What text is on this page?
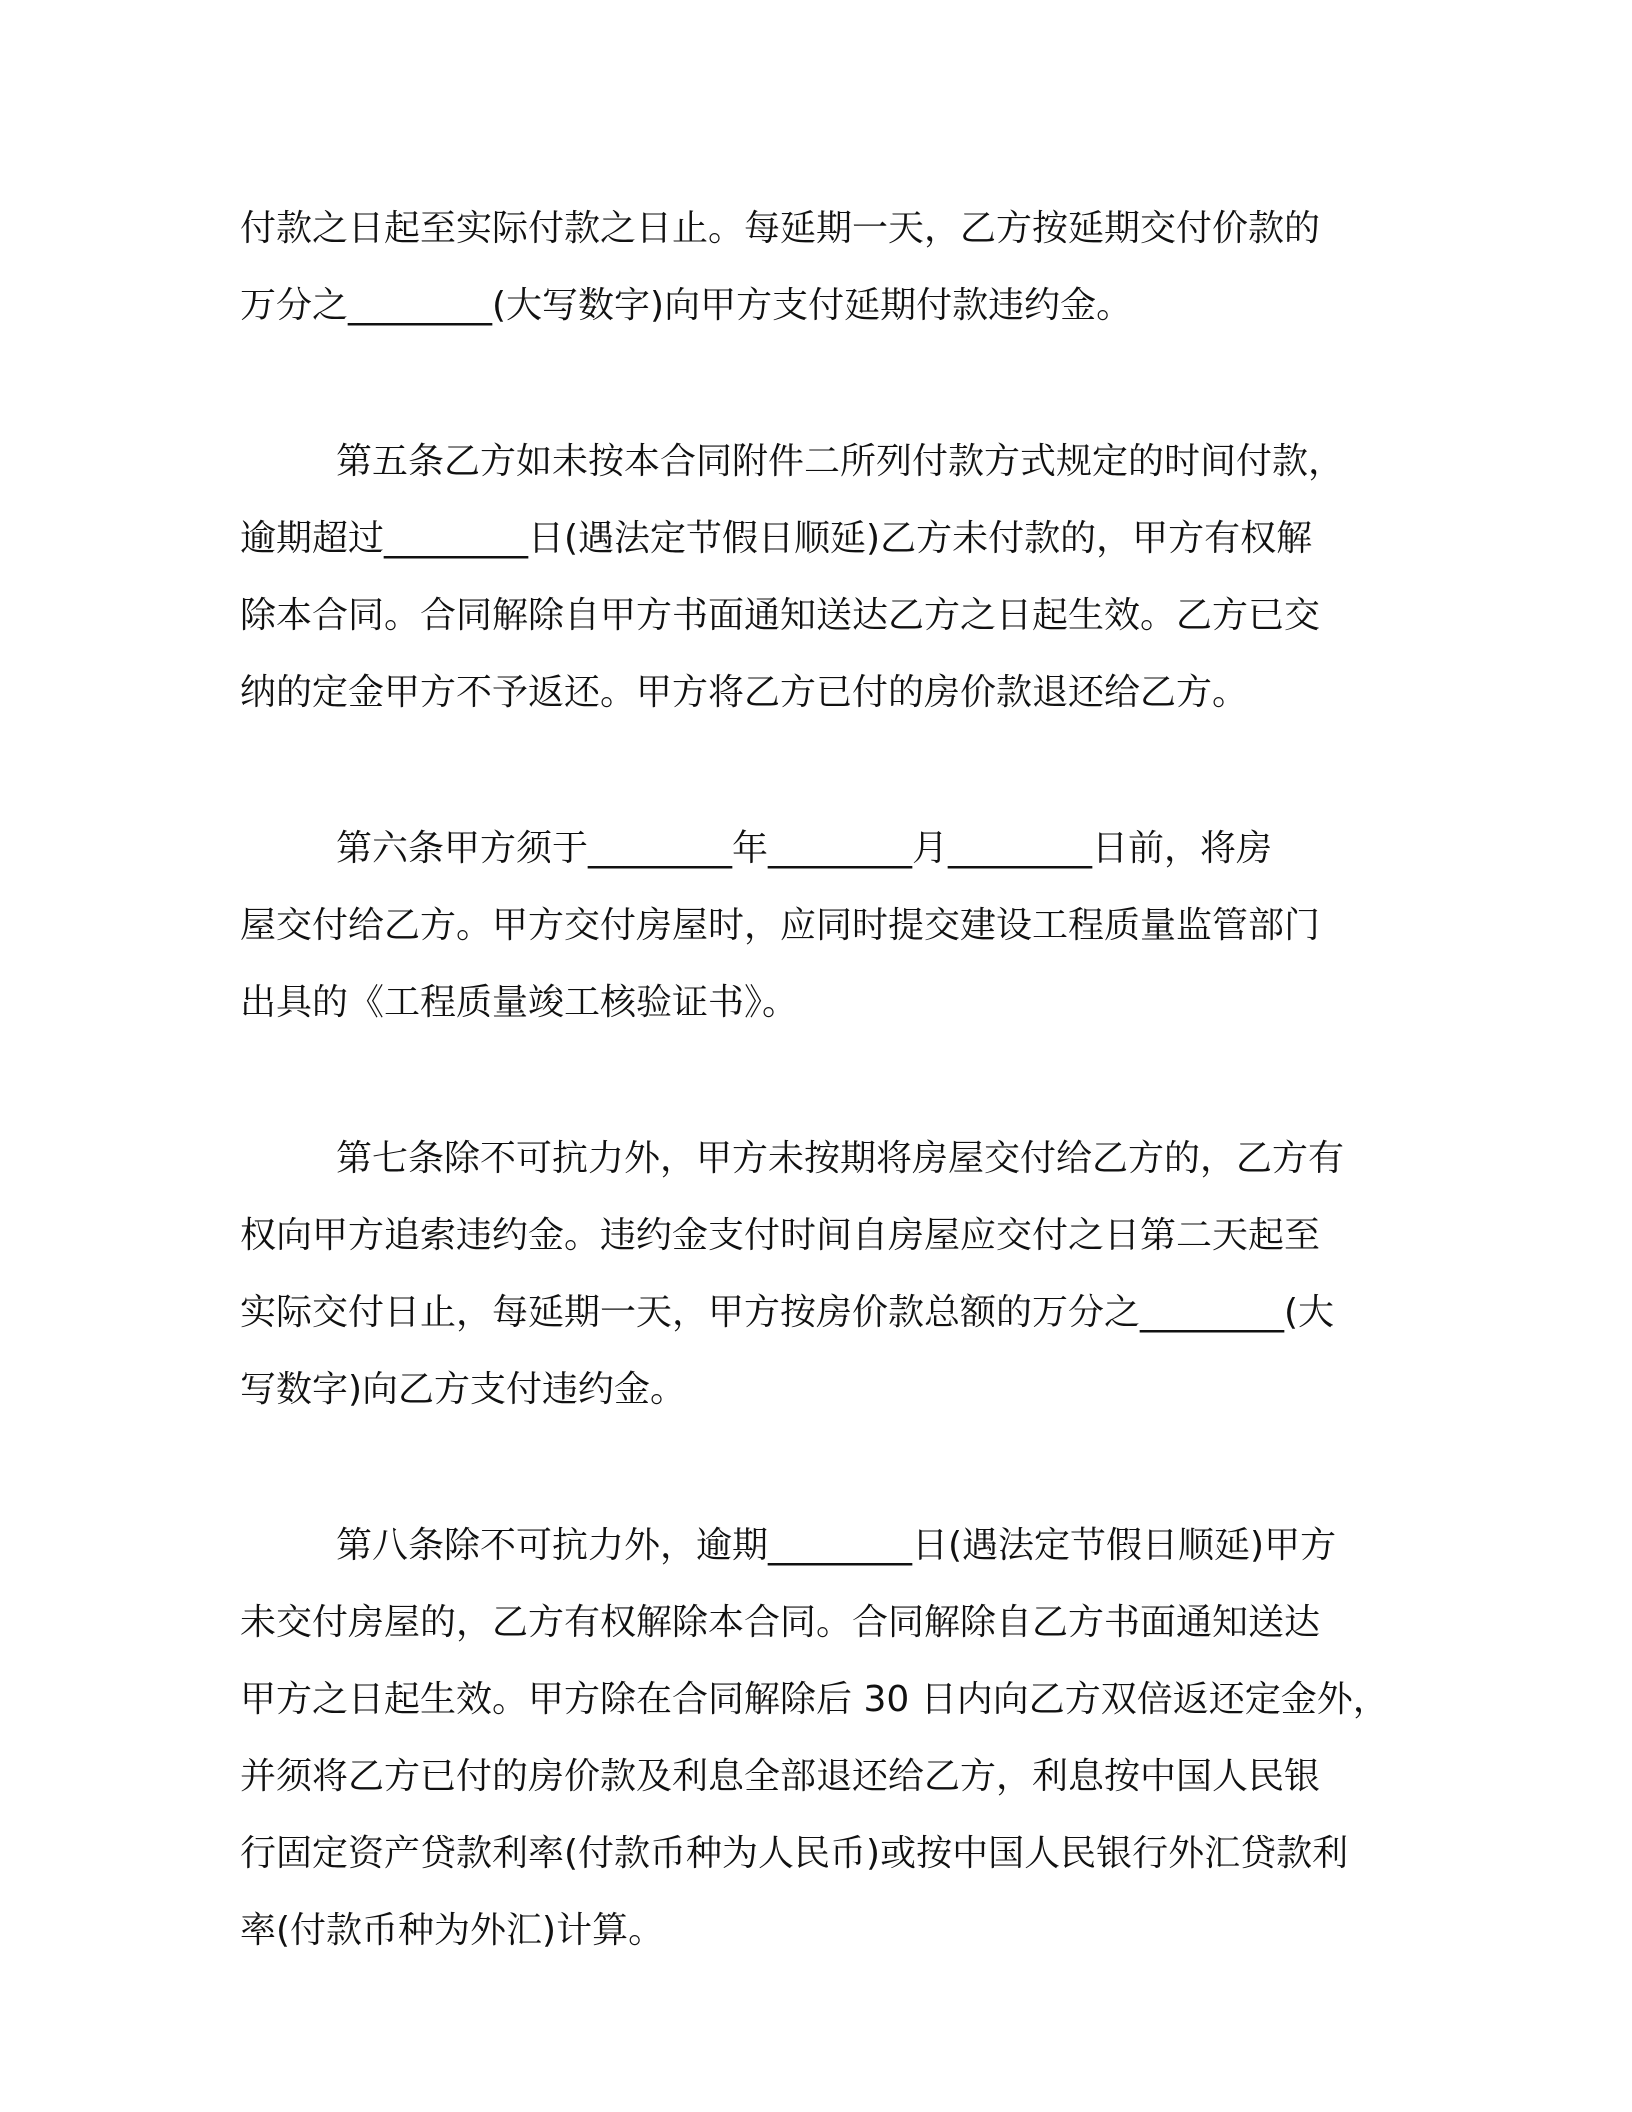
付款之日起至实际付款之日止。每延期一天，乙方按延期交付价款的
万分之________(大写数字)向甲方支付延期付款违约金。
第五条乙方如未按本合同附件二所列付款方式规定的时间付款，
逾期超过________日(遇法定节假日顺延)乙方未付款的，甲方有权解
除本合同。合同解除自甲方书面通知送达乙方之日起生效。乙方已交
纳的定金甲方不予返还。甲方将乙方已付的房价款退还给乙方。
第六条甲方须于________年________月________日前，将房
屋交付给乙方。甲方交付房屋时，应同时提交建设工程质量监管部门
出具的《工程质量竣工核验证书》。
第七条除不可抗力外，甲方未按期将房屋交付给乙方的，乙方有
权向甲方追索违约金。违约金支付时间自房屋应交付之日第二天起至
实际交付日止，每延期一天，甲方按房价款总额的万分之________(大
写数字)向乙方支付违约金。
第八条除不可抗力外，逾期________日(遇法定节假日顺延)甲方
未交付房屋的，乙方有权解除本合同。合同解除自乙方书面通知送达
甲方之日起生效。甲方除在合同解除后 30 日内向乙方双倍返还定金外，
并须将乙方已付的房价款及利息全部退还给乙方，利息按中国人民银
行固定资产贷款利率(付款币种为人民币)或按中国人民银行外汇贷款利
率(付款币种为外汇)计算。
